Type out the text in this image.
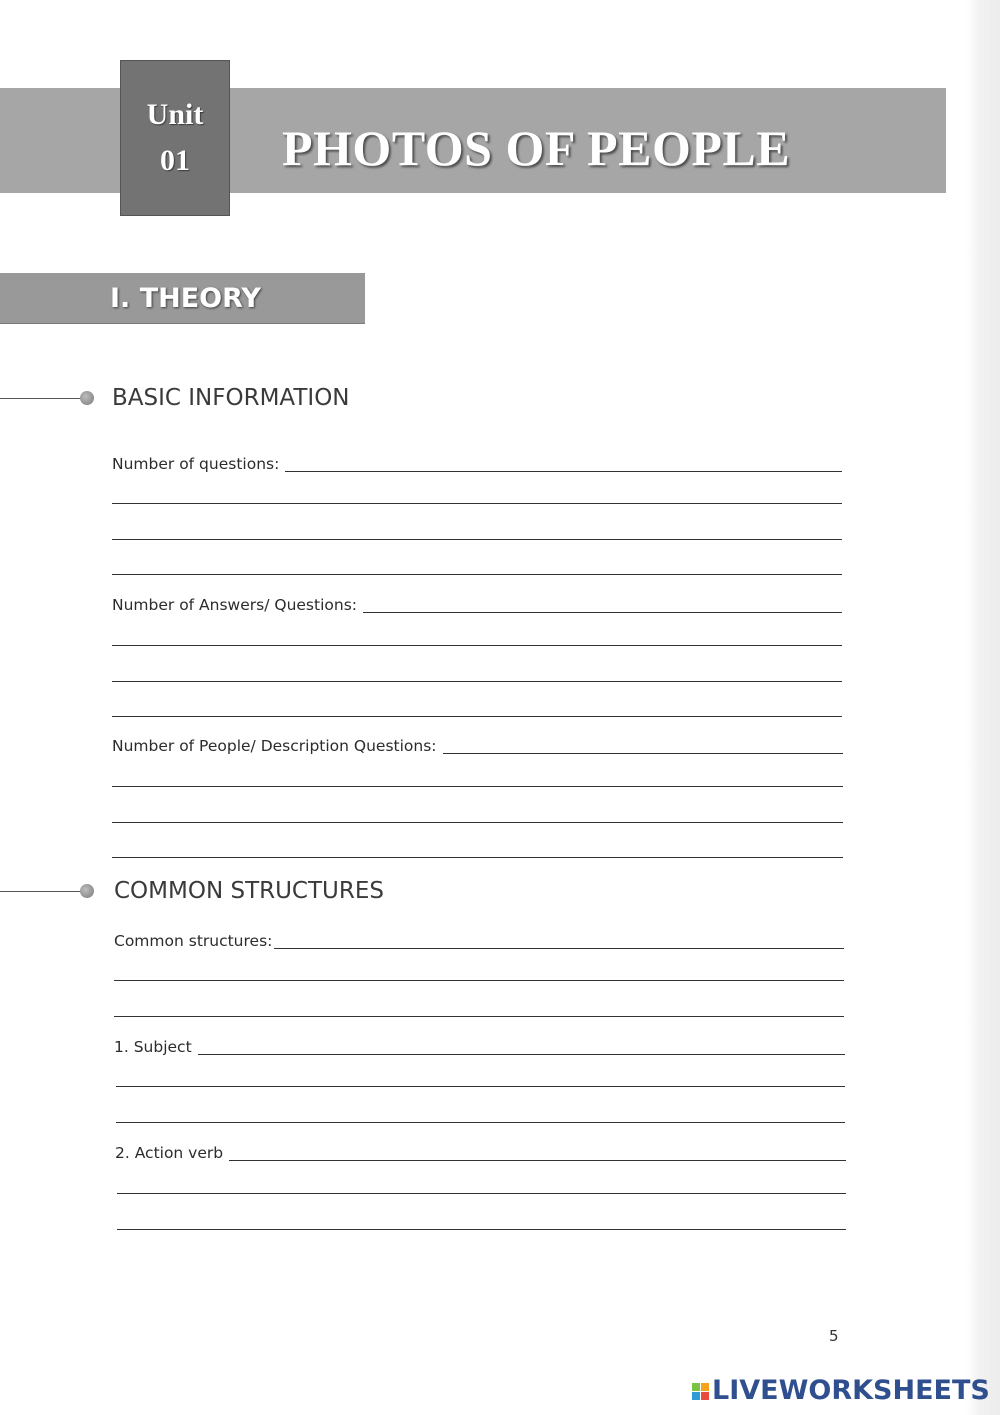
Unit
01 PHOTOS OF PEOPLE
I. THEORY
BASIC INFORMATION
Number of questions:
Number of Answers/ Questions:
Number of People/ Description Questions:
COMMON STRUCTURES
Common structures:
1. Subject
2. Action verb
5
LIVEWORKSHEETS
